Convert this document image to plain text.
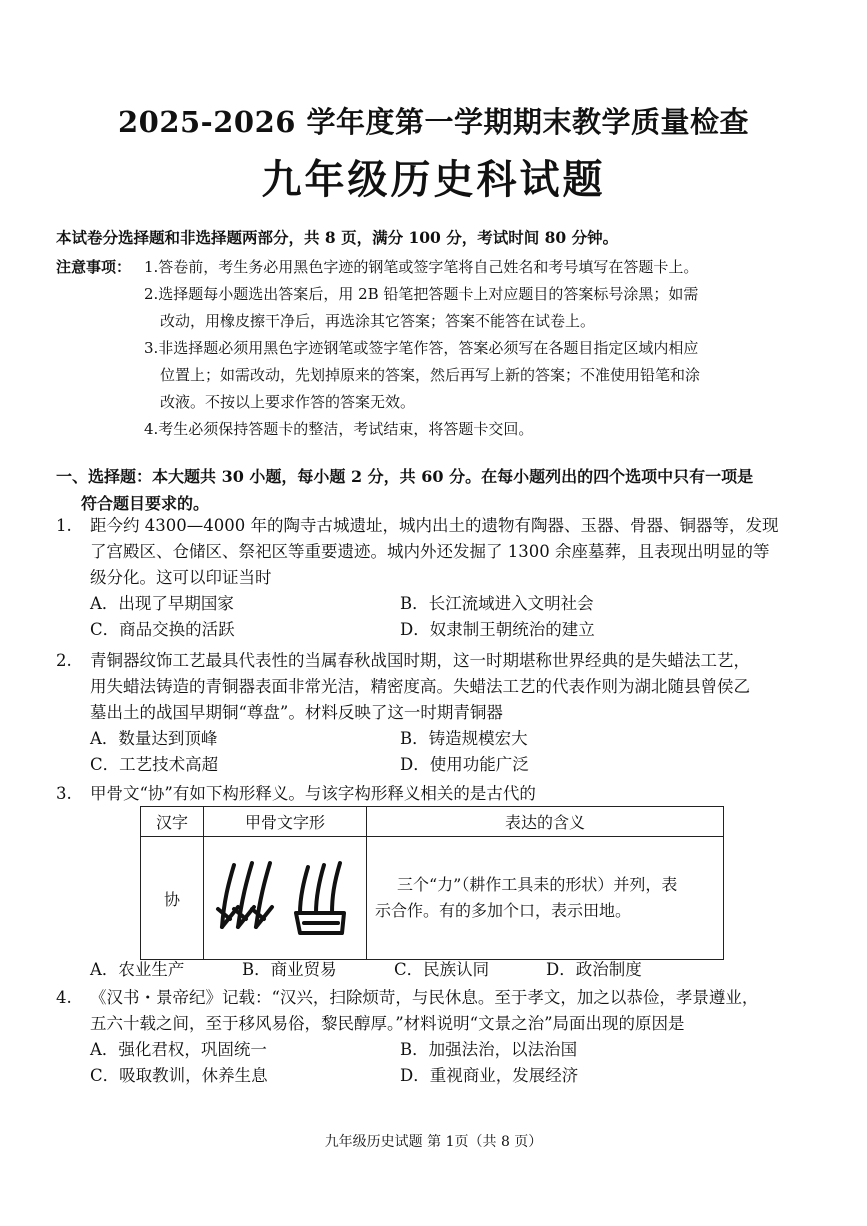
2025-2026 学年度第一学期期末教学质量检查
九年级历史科试题
本试卷分选择题和非选择题两部分，共 8 页，满分 100 分，考试时间 80 分钟。
注意事项： 1.答卷前，考生务必用黑色字迹的钢笔或签字笔将自己姓名和考号填写在答题卡上。
2.选择题每小题选出答案后，用 2B 铅笔把答题卡上对应题目的答案标号涂黑；如需
改动，用橡皮擦干净后，再选涂其它答案；答案不能答在试卷上。
3.非选择题必须用黑色字迹钢笔或签字笔作答，答案必须写在各题目指定区域内相应
位置上；如需改动，先划掉原来的答案，然后再写上新的答案；不准使用铅笔和涂
改液。不按以上要求作答的答案无效。
4.考生必须保持答题卡的整洁，考试结束，将答题卡交回。
一、选择题：本大题共 30 小题，每小题 2 分，共 60 分。在每小题列出的四个选项中只有一项是
符合题目要求的。
1. 距今约 4300—4000 年的陶寺古城遗址，城内出土的遗物有陶器、玉器、骨器、铜器等，发现
了宫殿区、仓储区、祭祀区等重要遗迹。城内外还发掘了 1300 余座墓葬，且表现出明显的等
级分化。这可以印证当时
A．出现了早期国家	B．长江流域进入文明社会
C．商品交换的活跃	D．奴隶制王朝统治的建立
2. 青铜器纹饰工艺最具代表性的当属春秋战国时期，这一时期堪称世界经典的是失蜡法工艺，
用失蜡法铸造的青铜器表面非常光洁，精密度高。失蜡法工艺的代表作则为湖北随县曾侯乙
墓出土的战国早期铜“尊盘”。材料反映了这一时期青铜器
A．数量达到顶峰	B．铸造规模宏大
C．工艺技术高超	D．使用功能广泛
3. 甲骨文“协”有如下构形释义。与该字构形释义相关的是古代的
汉字	甲骨文字形	表达的含义
协		三个“力”（耕作工具耒的形状）并列，表
示合作。有的多加个口，表示田地。
A．农业生产	B．商业贸易	C．民族认同	D．政治制度
4. 《汉书・景帝纪》记载：“汉兴，扫除烦苛，与民休息。至于孝文，加之以恭俭，孝景遵业，
五六十载之间，至于移风易俗，黎民醇厚。”材料说明“文景之治”局面出现的原因是
A．强化君权，巩固统一	B．加强法治，以法治国
C．吸取教训，休养生息	D．重视商业，发展经济
九年级历史试题 第 1页（共 8 页）
